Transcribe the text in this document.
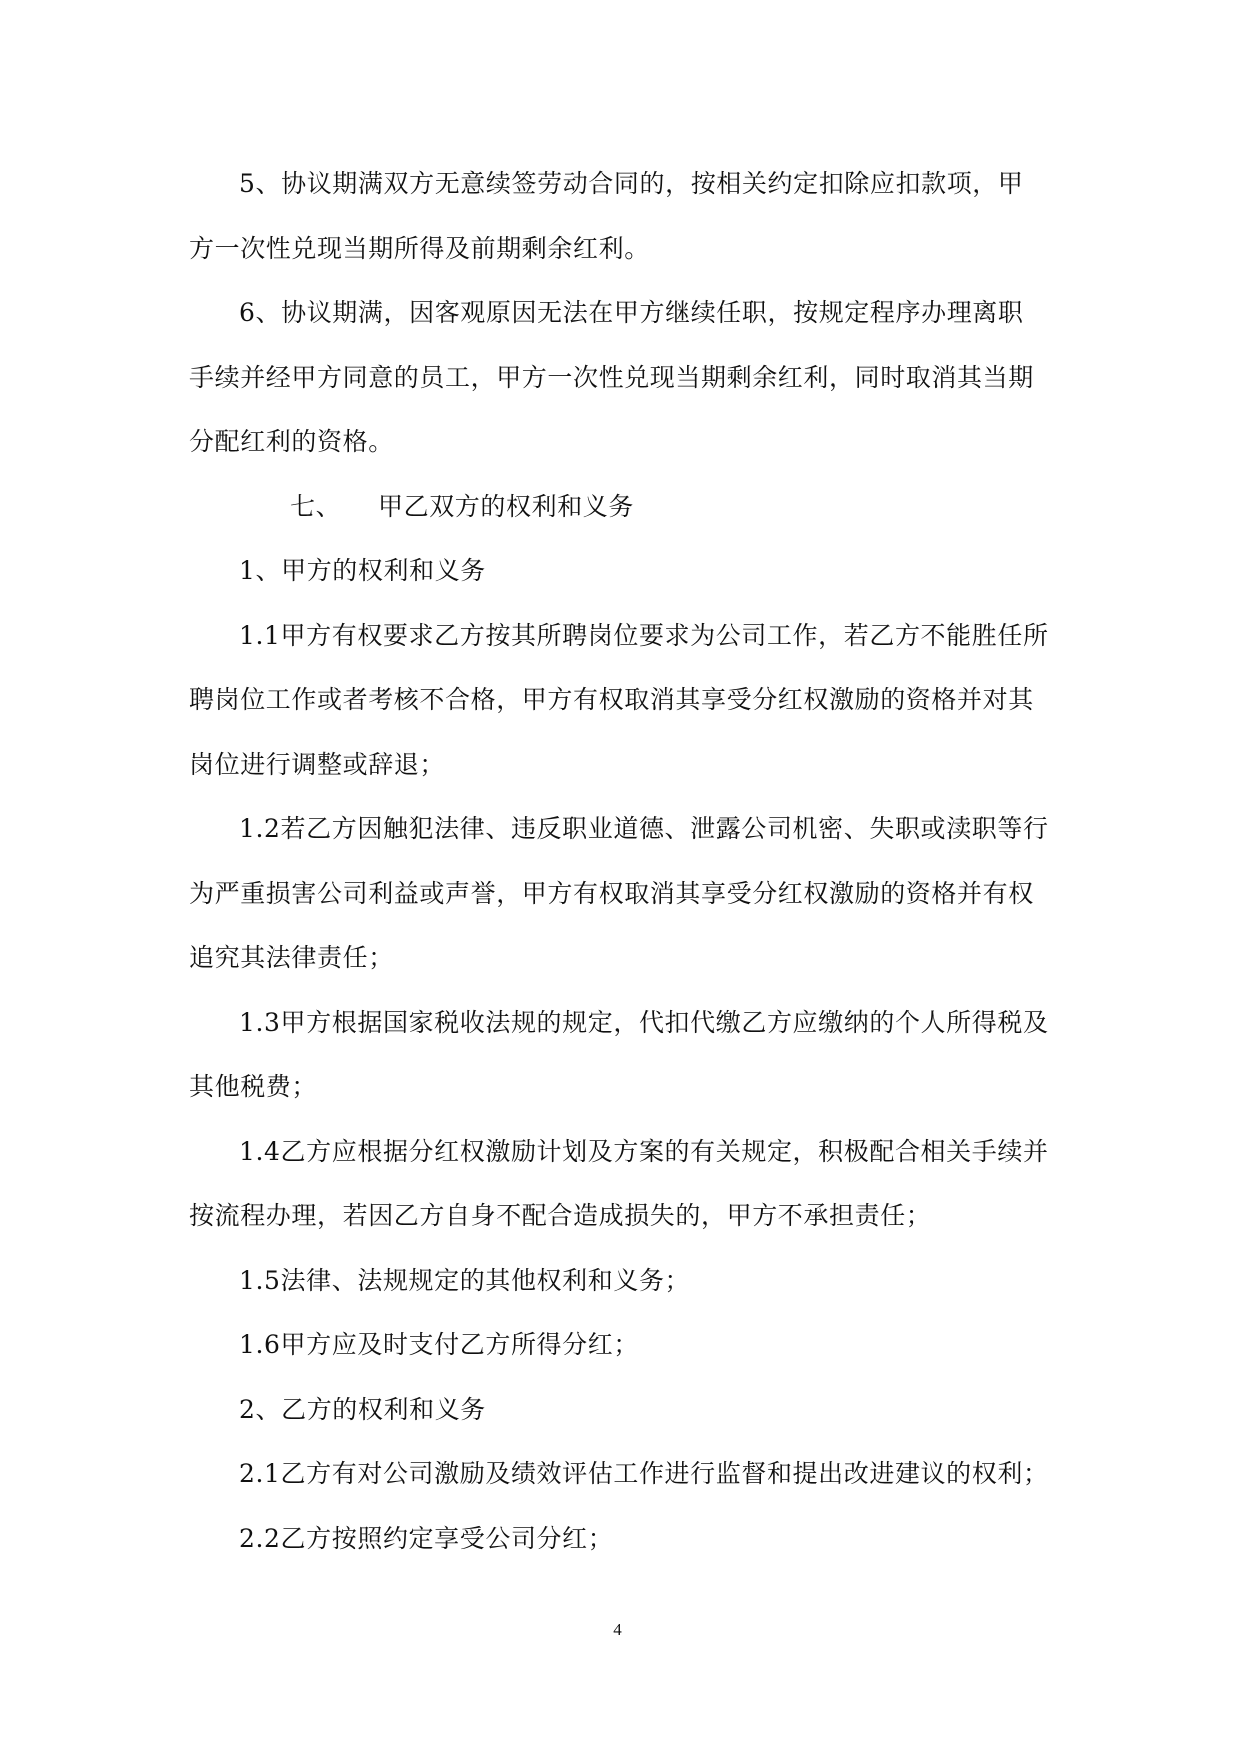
5、协议期满双方无意续签劳动合同的，按相关约定扣除应扣款项，甲方一次性兑现当期所得及前期剩余红利。

6、协议期满，因客观原因无法在甲方继续任职，按规定程序办理离职手续并经甲方同意的员工，甲方一次性兑现当期剩余红利，同时取消其当期分配红利的资格。

七、 甲乙双方的权利和义务

1、甲方的权利和义务

1.1甲方有权要求乙方按其所聘岗位要求为公司工作，若乙方不能胜任所聘岗位工作或者考核不合格，甲方有权取消其享受分红权激励的资格并对其岗位进行调整或辞退；

1.2若乙方因触犯法律、违反职业道德、泄露公司机密、失职或渎职等行为严重损害公司利益或声誉，甲方有权取消其享受分红权激励的资格并有权追究其法律责任；

1.3甲方根据国家税收法规的规定，代扣代缴乙方应缴纳的个人所得税及其他税费；

1.4乙方应根据分红权激励计划及方案的有关规定，积极配合相关手续并按流程办理，若因乙方自身不配合造成损失的，甲方不承担责任；

1.5法律、法规规定的其他权利和义务；

1.6甲方应及时支付乙方所得分红；

2、乙方的权利和义务

2.1乙方有对公司激励及绩效评估工作进行监督和提出改进建议的权利；

2.2乙方按照约定享受公司分红；

4
